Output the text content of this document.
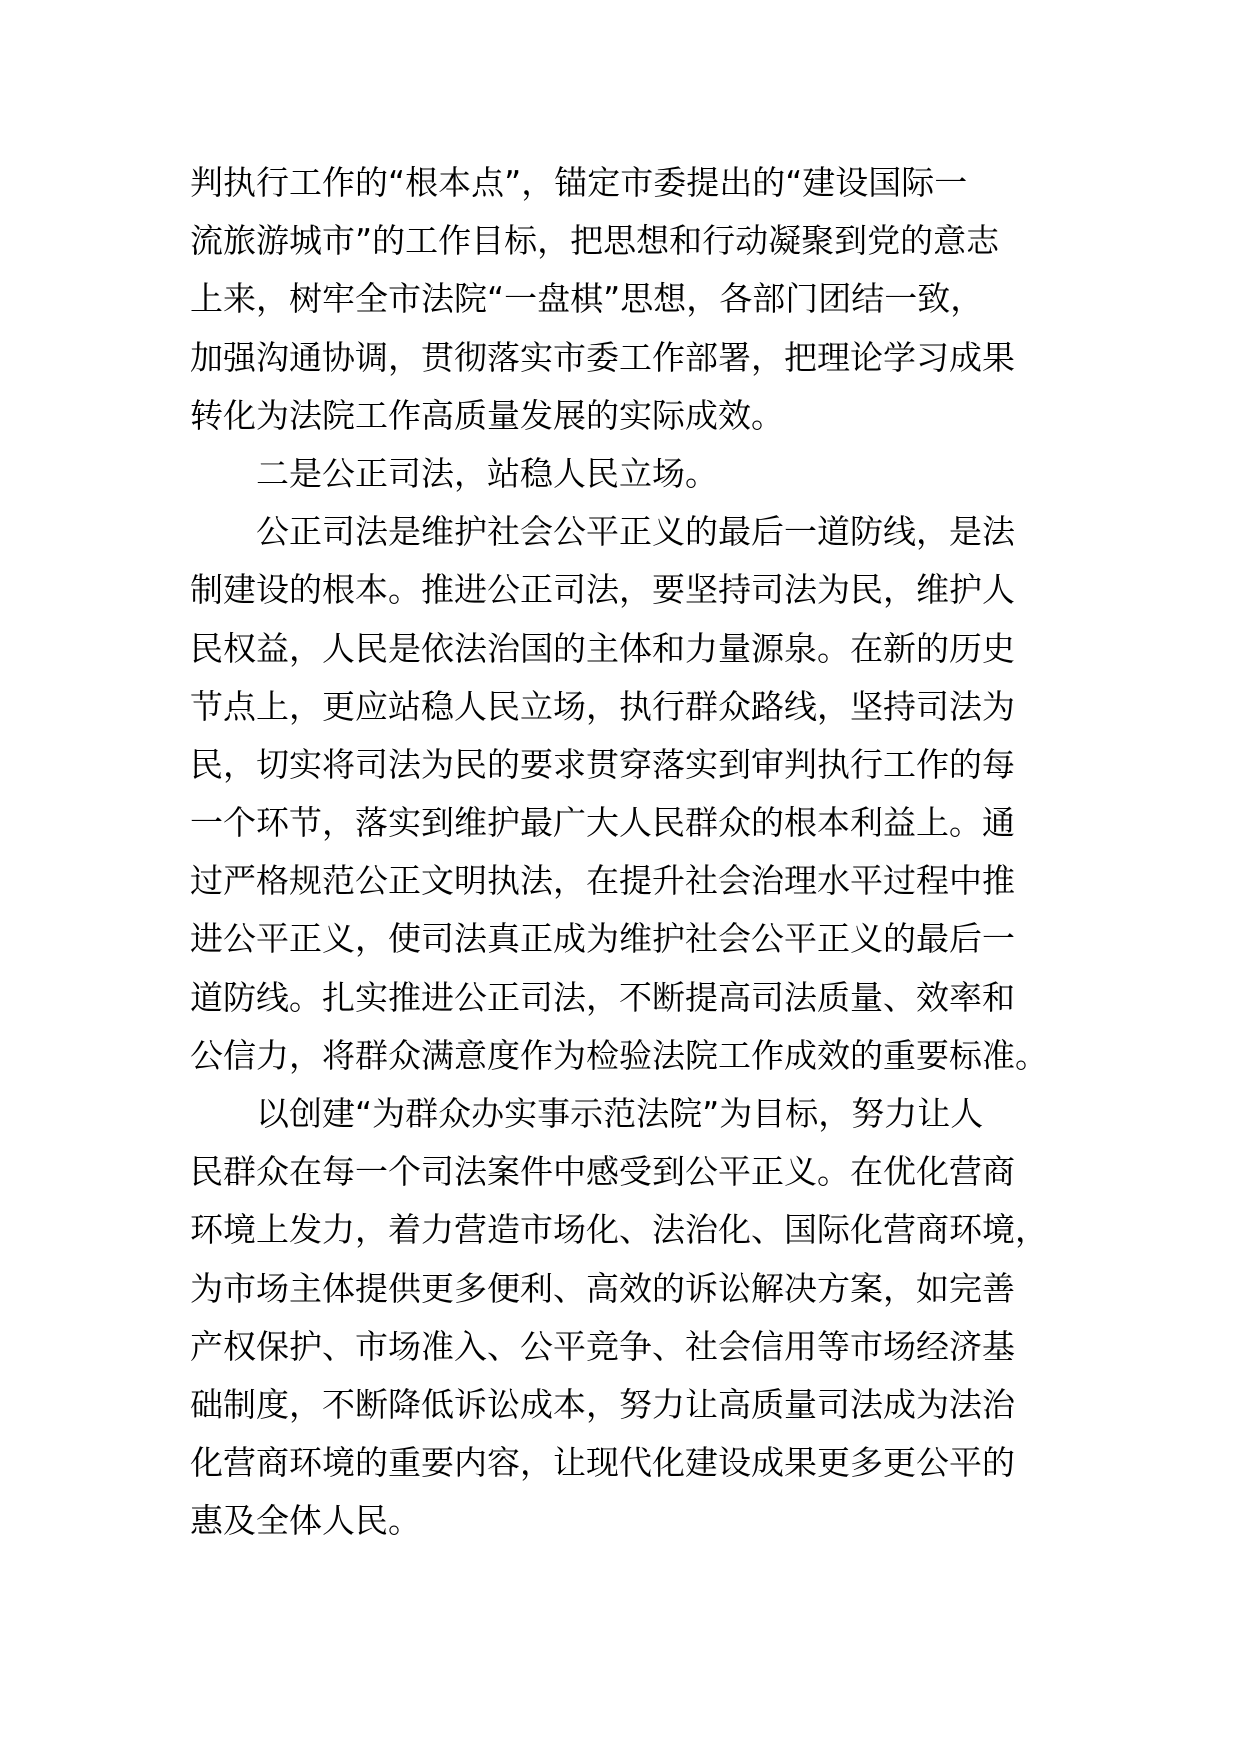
判执行工作的“根本点”，锚定市委提出的“建设国际一
流旅游城市”的工作目标，把思想和行动凝聚到党的意志
上来，树牢全市法院“一盘棋”思想，各部门团结一致，
加强沟通协调，贯彻落实市委工作部署，把理论学习成果
转化为法院工作高质量发展的实际成效。
二是公正司法，站稳人民立场。
公正司法是维护社会公平正义的最后一道防线，是法
制建设的根本。推进公正司法，要坚持司法为民，维护人
民权益，人民是依法治国的主体和力量源泉。在新的历史
节点上，更应站稳人民立场，执行群众路线，坚持司法为
民，切实将司法为民的要求贯穿落实到审判执行工作的每
一个环节，落实到维护最广大人民群众的根本利益上。通
过严格规范公正文明执法，在提升社会治理水平过程中推
进公平正义，使司法真正成为维护社会公平正义的最后一
道防线。扎实推进公正司法，不断提高司法质量、效率和
公信力，将群众满意度作为检验法院工作成效的重要标准。
以创建“为群众办实事示范法院”为目标，努力让人
民群众在每一个司法案件中感受到公平正义。在优化营商
环境上发力，着力营造市场化、法治化、国际化营商环境，
为市场主体提供更多便利、高效的诉讼解决方案，如完善
产权保护、市场准入、公平竞争、社会信用等市场经济基
础制度，不断降低诉讼成本，努力让高质量司法成为法治
化营商环境的重要内容，让现代化建设成果更多更公平的
惠及全体人民。
